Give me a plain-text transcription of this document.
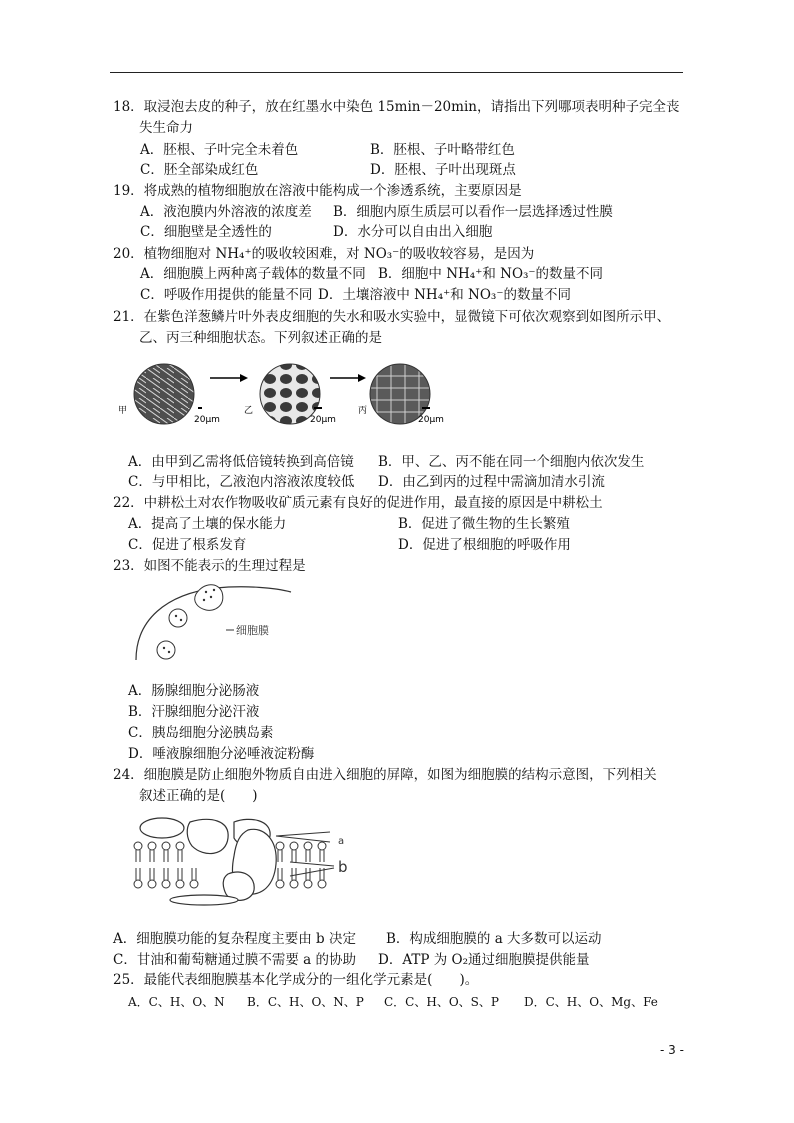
18．取浸泡去皮的种子，放在红墨水中染色 15min－20min，请指出下列哪项表明种子完全丧
失生命力
A．胚根、子叶完全未着色	B．胚根、子叶略带红色
C．胚全部染成红色	D．胚根、子叶出现斑点
19．将成熟的植物细胞放在溶液中能构成一个渗透系统，主要原因是
A．液泡膜内外溶液的浓度差 B．细胞内原生质层可以看作一层选择透过性膜
C．细胞壁是全透性的	D．水分可以自由出入细胞
20．植物细胞对 NH₄⁺的吸收较困难，对 NO₃⁻的吸收较容易，是因为
A．细胞膜上两种离子载体的数量不同 B．细胞中 NH₄⁺和 NO₃⁻的数量不同
C．呼吸作用提供的能量不同 D．土壤溶液中 NH₄⁺和 NO₃⁻的数量不同
21．在紫色洋葱鳞片叶外表皮细胞的失水和吸水实验中，显微镜下可依次观察到如图所示甲、
乙、丙三种细胞状态。下列叙述正确的是
甲
20μm
乙
20μm
丙
20μm
A．由甲到乙需将低倍镜转换到高倍镜 B．甲、乙、丙不能在同一个细胞内依次发生
C．与甲相比，乙液泡内溶液浓度较低 D．由乙到丙的过程中需滴加清水引流
22．中耕松土对农作物吸收矿质元素有良好的促进作用，最直接的原因是中耕松土
A．提高了土壤的保水能力	B．促进了微生物的生长繁殖
C．促进了根系发育	D．促进了根细胞的呼吸作用
23．如图不能表示的生理过程是
细胞膜
A．肠腺细胞分泌肠液
B．汗腺细胞分泌汗液
C．胰岛细胞分泌胰岛素
D．唾液腺细胞分泌唾液淀粉酶
24．细胞膜是防止细胞外物质自由进入细胞的屏障，如图为细胞膜的结构示意图，下列相关
叙述正确的是(　　)
a
b
A．细胞膜功能的复杂程度主要由 b 决定 B．构成细胞膜的 a 大多数可以运动
C．甘油和葡萄糖通过膜不需要 a 的协助 D．ATP 为 O₂通过细胞膜提供能量
25．最能代表细胞膜基本化学成分的一组化学元素是(　　)。
A．C、H、O、N B．C、H、O、N、P C．C、H、O、S、P D．C、H、O、Mg、Fe
- 3 -
